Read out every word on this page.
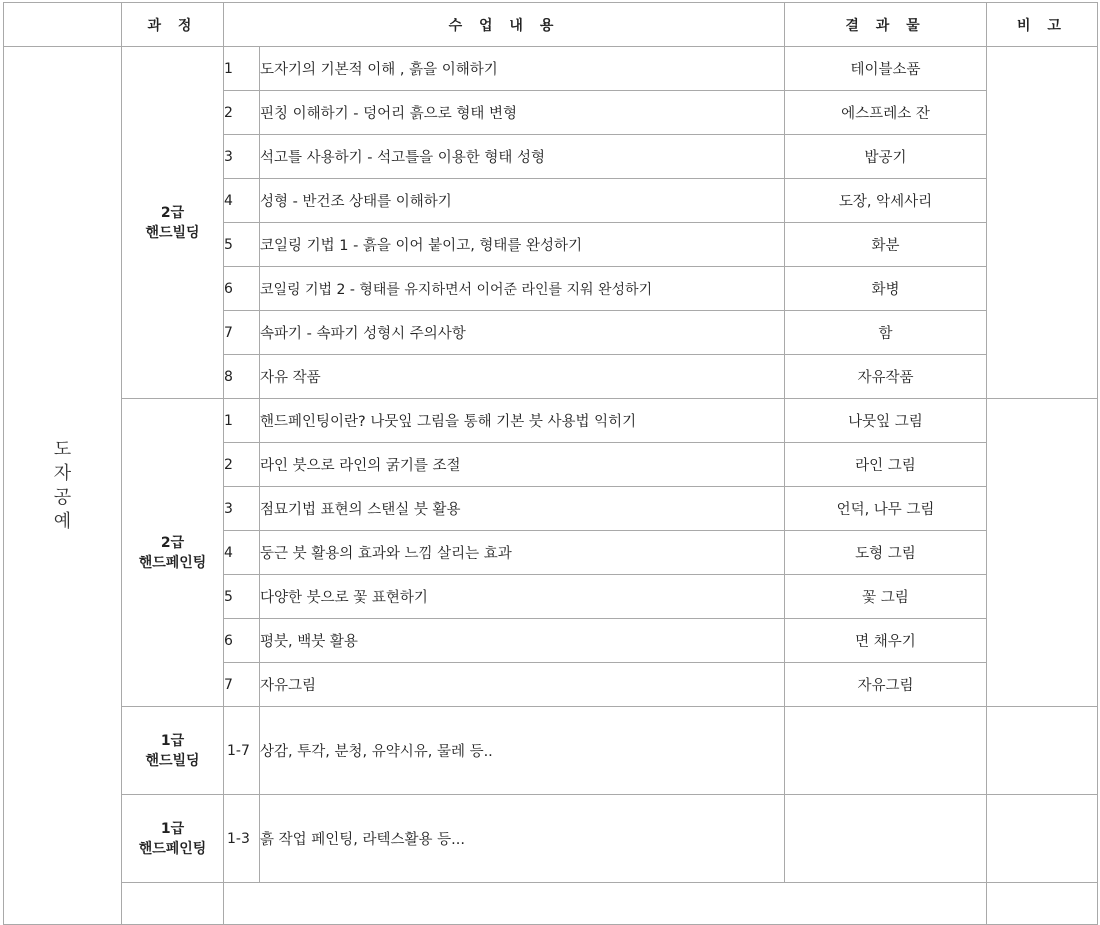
	과 정	수 업 내 용		결 과 물	비 고

도
자
공
예	2급
핸드빌딩	1	도자기의 기본적 이해 , 흙을 이해하기	테이블소품	
		2	핀칭 이해하기 - 덩어리 흙으로 형태 변형	에스프레소 잔	
		3	석고틀 사용하기 - 석고틀을 이용한 형태 성형	밥공기	
		4	성형 - 반건조 상태를 이해하기	도장, 악세사리	
		5	코일링 기법 1 - 흙을 이어 붙이고, 형태를 완성하기	화분	
		6	코일링 기법 2 - 형태를 유지하면서 이어준 라인를 지워 완성하기	화병	
		7	속파기 - 속파기 성형시 주의사항	함	
		8	자유 작품	자유작품	

	2급
핸드페인팅	1	핸드페인팅이란? 나뭇잎 그림을 통해 기본 붓 사용법 익히기	나뭇잎 그림	
		2	라인 붓으로 라인의 굵기를 조절	라인 그림	
		3	점묘기법 표현의 스탠실 붓 활용	언덕, 나무 그림	
		4	둥근 붓 활용의 효과와 느낌 살리는 효과	도형 그림	
		5	다양한 붓으로 꽃 표현하기	꽃 그림	
		6	평붓, 백붓 활용	면 채우기	
		7	자유그림	자유그림	

	1급
핸드빌딩	1-7	상감, 투각, 분청, 유약시유, 물레 등..		

	1급
핸드페인팅	1-3	흙 작업 페인팅, 라텍스활용 등...		
